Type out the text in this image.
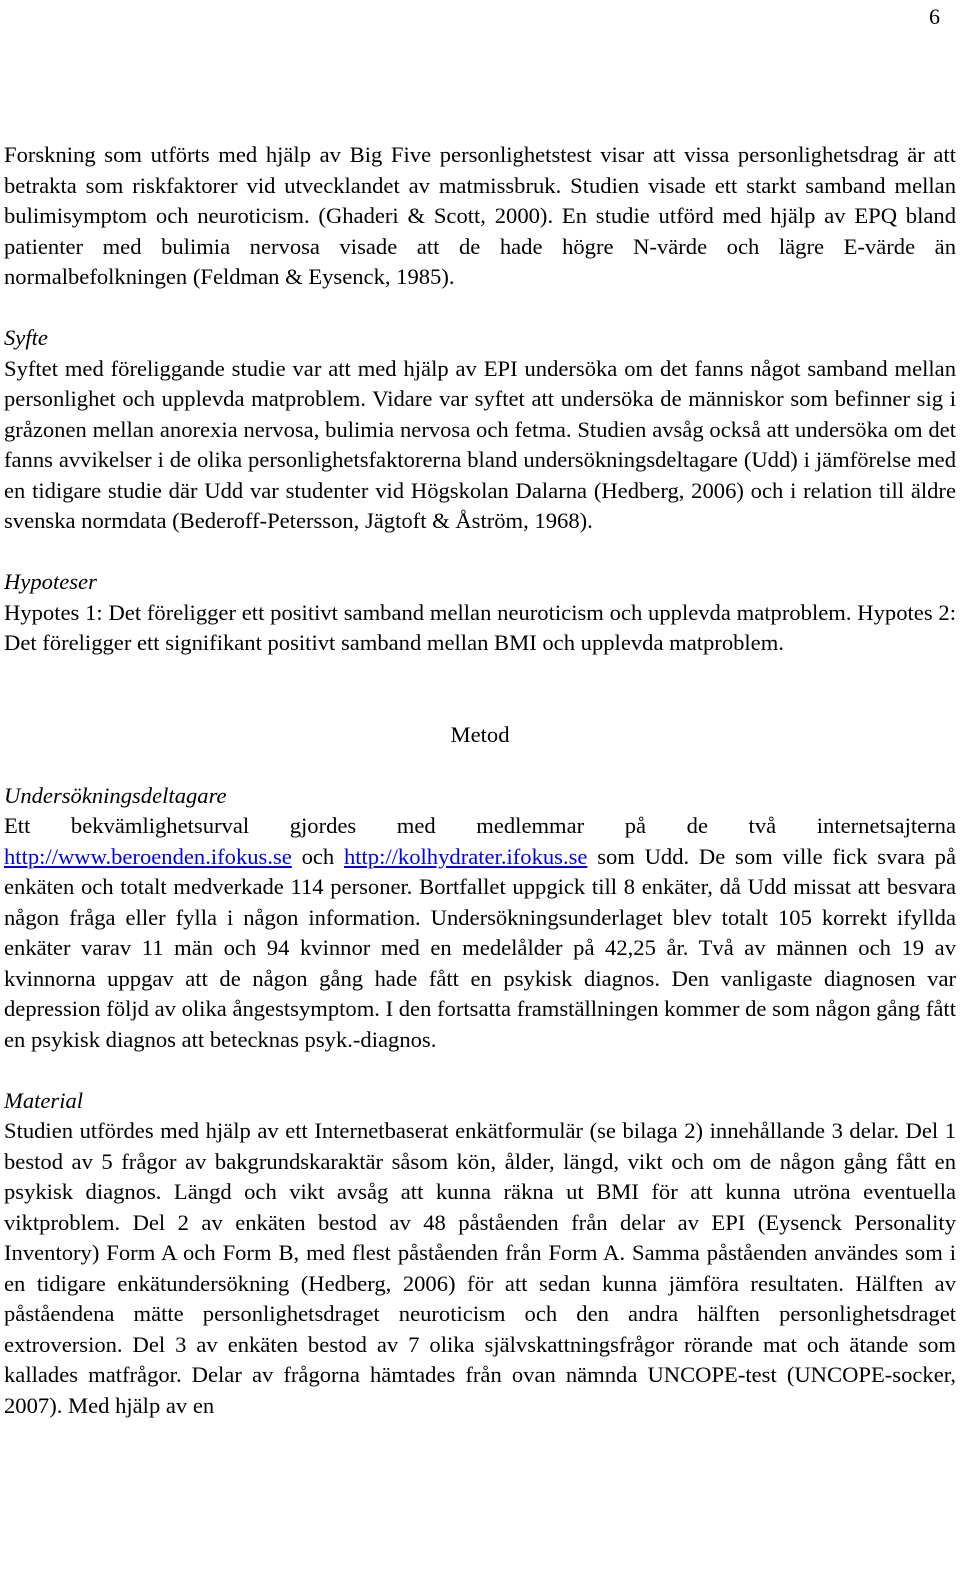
6

Forskning som utförts med hjälp av Big Five personlighetstest visar att vissa personlighetsdrag är att betrakta som riskfaktorer vid utvecklandet av matmissbruk. Studien visade ett starkt samband mellan bulimisymptom och neuroticism. (Ghaderi & Scott, 2000). En studie utförd med hjälp av EPQ bland patienter med bulimia nervosa visade att de hade högre N-värde och lägre E-värde än normalbefolkningen (Feldman & Eysenck, 1985).

Syfte

Syftet med föreliggande studie var att med hjälp av EPI undersöka om det fanns något samband mellan personlighet och upplevda matproblem. Vidare var syftet att undersöka de människor som befinner sig i gråzonen mellan anorexia nervosa, bulimia nervosa och fetma. Studien avsåg också att undersöka om det fanns avvikelser i de olika personlighetsfaktorerna bland undersökningsdeltagare (Udd) i jämförelse med en tidigare studie där Udd var studenter vid Högskolan Dalarna (Hedberg, 2006) och i relation till äldre svenska normdata (Bederoff-Petersson, Jägtoft & Åström, 1968).

Hypoteser

Hypotes 1: Det föreligger ett positivt samband mellan neuroticism och upplevda matproblem. Hypotes 2: Det föreligger ett signifikant positivt samband mellan BMI och upplevda matproblem.

Metod

Undersökningsdeltagare

Ett bekvämlighetsurval gjordes med medlemmar på de två internetsajterna http://www.beroenden.ifokus.se och http://kolhydrater.ifokus.se som Udd. De som ville fick svara på enkäten och totalt medverkade 114 personer. Bortfallet uppgick till 8 enkäter, då Udd missat att besvara någon fråga eller fylla i någon information. Undersökningsunderlaget blev totalt 105 korrekt ifyllda enkäter varav 11 män och 94 kvinnor med en medelålder på 42,25 år. Två av männen och 19 av kvinnorna uppgav att de någon gång hade fått en psykisk diagnos. Den vanligaste diagnosen var depression följd av olika ångestsymptom. I den fortsatta framställningen kommer de som någon gång fått en psykisk diagnos att betecknas psyk.-diagnos.

Material

Studien utfördes med hjälp av ett Internetbaserat enkätformulär (se bilaga 2) innehållande 3 delar. Del 1 bestod av 5 frågor av bakgrundskaraktär såsom kön, ålder, längd, vikt och om de någon gång fått en psykisk diagnos. Längd och vikt avsåg att kunna räkna ut BMI för att kunna utröna eventuella viktproblem. Del 2 av enkäten bestod av 48 påståenden från delar av EPI (Eysenck Personality Inventory) Form A och Form B, med flest påståenden från Form A. Samma påståenden användes som i en tidigare enkätundersökning (Hedberg, 2006) för att sedan kunna jämföra resultaten. Hälften av påståendena mätte personlighetsdraget neuroticism och den andra hälften personlighetsdraget extroversion. Del 3 av enkäten bestod av 7 olika självskattningsfrågor rörande mat och ätande som kallades matfrågor. Delar av frågorna hämtades från ovan nämnda UNCOPE-test (UNCOPE-socker, 2007). Med hjälp av en
